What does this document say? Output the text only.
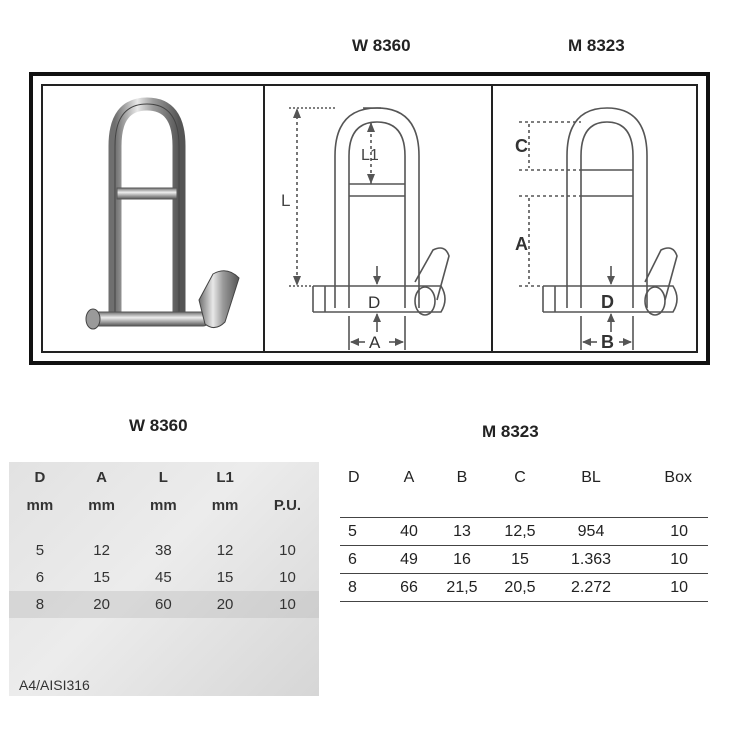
W 8360	M 8323
L1
L
D
A
C
A
D
B
W 8360
D	A	L	L1	
mm	mm	mm	mm	P.U.
5	12	38	12	10
6	15	45	15	10
8	20	60	20	10
A4/AISI316
M 8323
D	A	B	C	BL	Box

5	40	13	12,5	954	10
6	49	16	15	1.363	10
8	66	21,5	20,5	2.272	10
